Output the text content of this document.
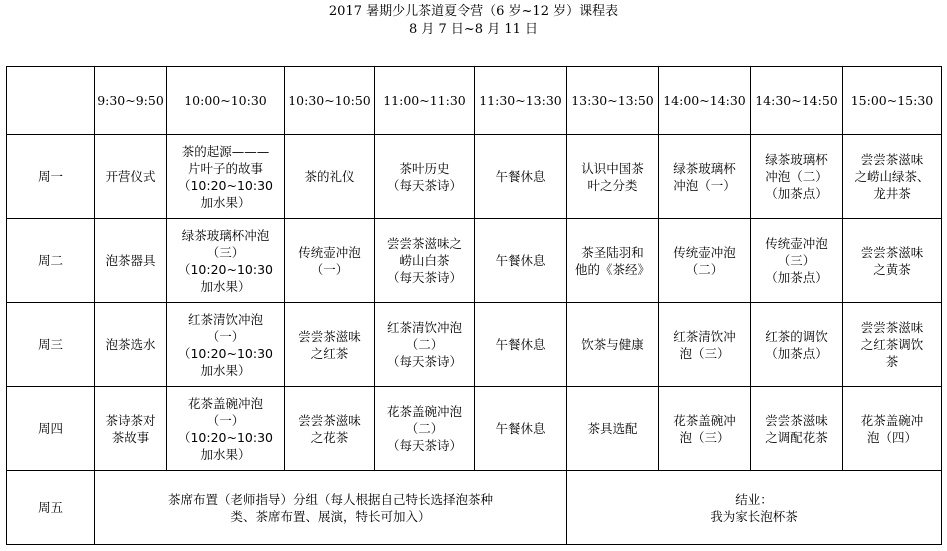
2017 暑期少儿茶道夏令营（6 岁~12 岁）课程表
8 月 7 日~8 月 11 日

	9:30~9:50	10:00~10:30	10:30~10:50	11:00~11:30	11:30~13:30	13:30~13:50	14:00~14:30	14:30~14:50	15:00~15:30

周一	开营仪式	茶的起源———
片叶子的故事
（10:20~10:30
加水果）	茶的礼仪	茶叶历史
（每天茶诗）	午餐休息	认识中国茶
叶之分类	绿茶玻璃杯
冲泡（一）	绿茶玻璃杯
冲泡（二）
（加茶点）	尝尝茶滋味
之崂山绿茶、
龙井茶

周二	泡茶器具	绿茶玻璃杯冲泡
（三）
（10:20~10:30
加水果）	传统壶冲泡
（一）	尝尝茶滋味之
崂山白茶
（每天茶诗）	午餐休息	茶圣陆羽和
他的《茶经》	传统壶冲泡
（二）	传统壶冲泡
（三）
（加茶点）	尝尝茶滋味
之黄茶

周三	泡茶选水	红茶清饮冲泡
（一）
（10:20~10:30
加水果）	尝尝茶滋味
之红茶	红茶清饮冲泡
（二）
（每天茶诗）	午餐休息	饮茶与健康	红茶清饮冲
泡（三）	红茶的调饮
（加茶点）	尝尝茶滋味
之红茶调饮
茶

周四	茶诗茶对
茶故事	花茶盖碗冲泡
（一）
（10:20~10:30
加水果）	尝尝茶滋味
之花茶	花茶盖碗冲泡
（二）
（每天茶诗）	午餐休息	茶具选配	花茶盖碗冲
泡（三）	尝尝茶滋味
之调配花茶	花茶盖碗冲
泡（四）

周五	茶席布置（老师指导）分组（每人根据自己特长选择泡茶种
类、茶席布置、展演，特长可加入）					结业：
我为家长泡杯茶			
